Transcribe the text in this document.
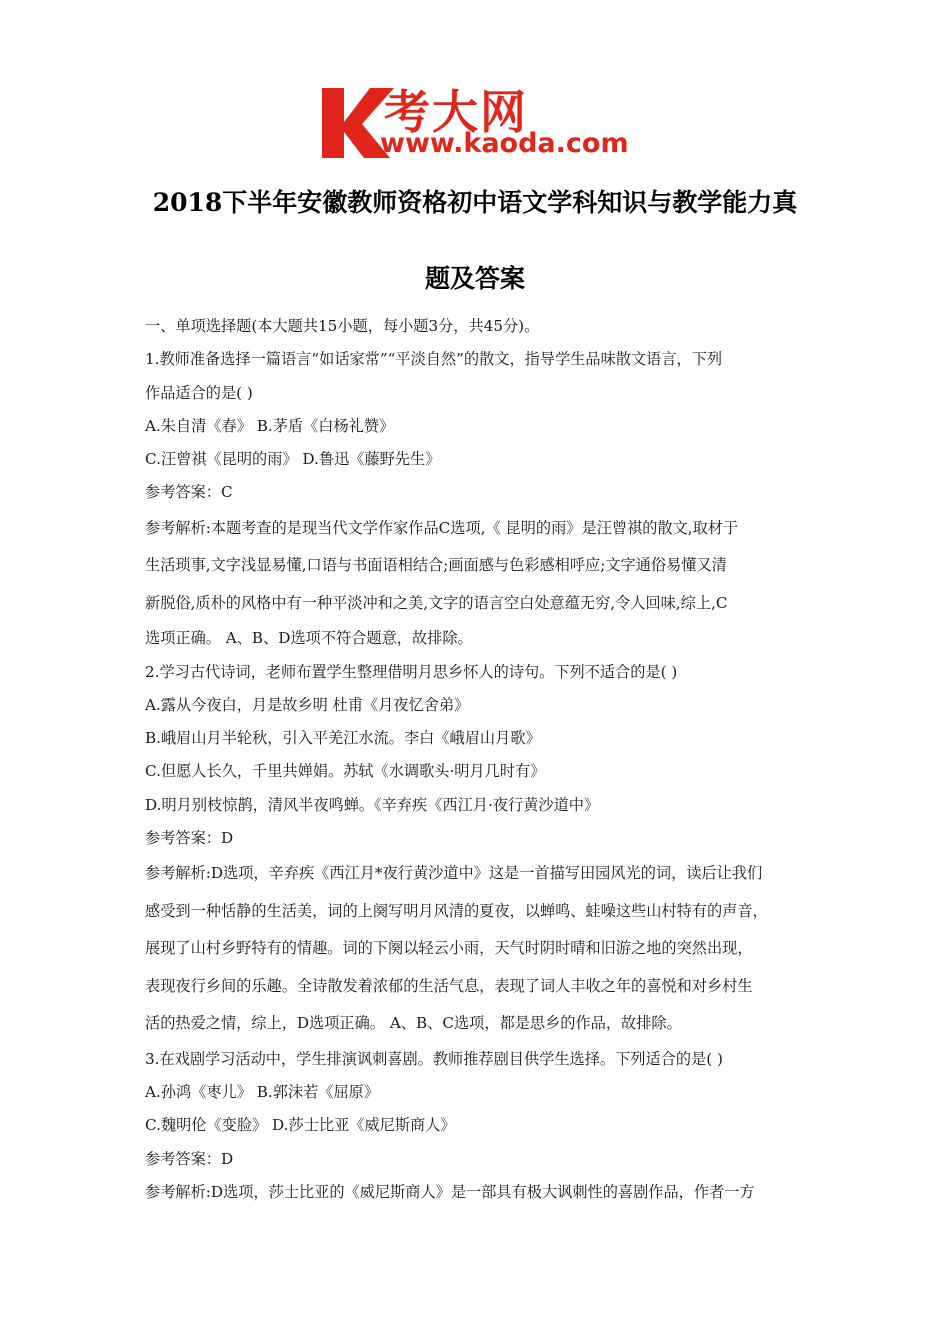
考大网
www.kaoda.com
2018下半年安徽教师资格初中语文学科知识与教学能力真
题及答案
一、单项选择题(本大题共15小题，每小题3分，共45分)。
1.教师准备选择一篇语言“如话家常”“平淡自然”的散文，指导学生品味散文语言，下列
作品适合的是( )
A.朱自清《春》 B.茅盾《白杨礼赞》
C.汪曾祺《昆明的雨》 D.鲁迅《藤野先生》
参考答案：C
参考解析:本题考查的是现当代文学作家作品C选项,《 昆明的雨》是汪曾祺的散文,取材于
生活琐事,文字浅显易懂,口语与书面语相结合;画面感与色彩感相呼应;文字通俗易懂又清
新脱俗,质朴的风格中有一种平淡冲和之美,文字的语言空白处意蕴无穷,令人回味,综上,C
选项正确。 A、B、D选项不符合题意，故排除。
2.学习古代诗词，老师布置学生整理借明月思乡怀人的诗句。下列不适合的是( )
A.露从今夜白，月是故乡明 杜甫《月夜忆舍弟》
B.峨眉山月半轮秋，引入平羌江水流。李白《峨眉山月歌》
C.但愿人长久，千里共婵娟。苏轼《水调歌头·明月几时有》
D.明月别枝惊鹊，清风半夜鸣蝉。《辛弃疾《西江月·夜行黄沙道中》
参考答案：D
参考解析:D选项，辛弃疾《西江月*夜行黄沙道中》这是一首描写田园风光的词，读后让我们
感受到一种恬静的生活美，词的上阕写明月风清的夏夜，以蝉鸣、蛙噪这些山村特有的声音，
展现了山村乡野特有的情趣。词的下阕以轻云小雨，天气时阴时晴和旧游之地的突然出现，
表现夜行乡间的乐趣。全诗散发着浓郁的生活气息，表现了词人丰收之年的喜悦和对乡村生
活的热爱之情，综上，D选项正确。 A、B、C选项，都是思乡的作品，故排除。
3.在戏剧学习活动中，学生排演讽刺喜剧。教师推荐剧目供学生选择。下列适合的是( )
A.孙鸿《枣儿》 B.郭沫若《屈原》
C.魏明伦《变脸》 D.莎士比亚《威尼斯商人》
参考答案：D
参考解析:D选项，莎士比亚的《威尼斯商人》是一部具有极大讽刺性的喜剧作品，作者一方
